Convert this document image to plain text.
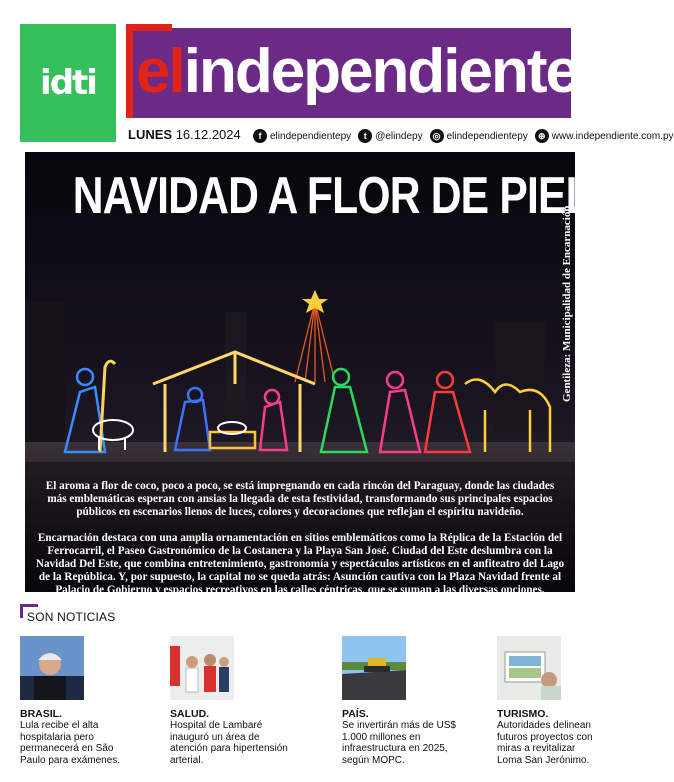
idti elindependiente
LUNES 16.12.2024	f elindependientepy	t @elindepy	◎ elindependientepy	⊕ www.independiente.com.py
NAVIDAD A FLOR DE PIEL
Gentileza: Municipalidad de Encarnación

El aroma a flor de coco, poco a poco, se está impregnando en cada rincón del Paraguay, donde las ciudades más emblemáticas esperan con ansias la llegada de esta festividad, transformando sus principales espacios públicos en escenarios llenos de luces, colores y decoraciones que reflejan el espíritu navideño.

Encarnación destaca con una amplia ornamentación en sitios emblemáticos como la Réplica de la Estación del Ferrocarril, el Paseo Gastronómico de la Costanera y la Playa San José. Ciudad del Este deslumbra con la Navidad Del Este, que combina entretenimiento, gastronomía y espectáculos artísticos en el anfiteatro del Lago de la República. Y, por supuesto, la capital no se queda atrás: Asunción cautiva con la Plaza Navidad frente al Palacio de Gobierno y espacios recreativos en las calles céntricas, que se suman a las diversas opciones.

SON NOTICIAS
BRASIL.
Lula recibe el alta hospitalaria pero permanecerá en São Paulo para exámenes.
SALUD.
Hospital de Lambaré inauguró un área de atención para hipertensión arterial.
PAÍS.
Se invertirán más de US$ 1.000 millones en infraestructura en 2025, según MOPC.
TURISMO.
Autoridades delinean futuros proyectos con miras a revitalizar Loma San Jerónimo.
